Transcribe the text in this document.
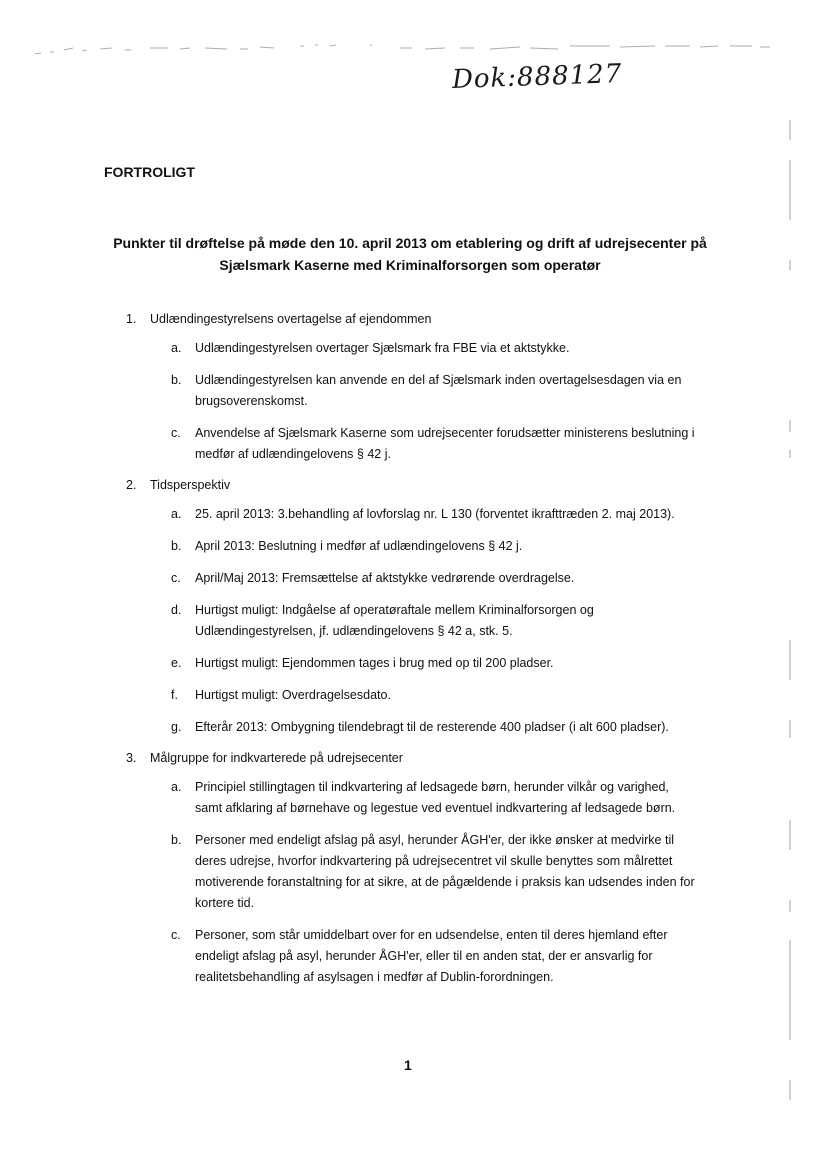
Dok:888127
FORTROLIGT
Punkter til drøftelse på møde den 10. april 2013 om etablering og drift af udrejsecenter på
Sjælsmark Kaserne med Kriminalforsorgen som operatør
1.	Udlændingestyrelsens overtagelse af ejendommen
a.	Udlændingestyrelsen overtager Sjælsmark fra FBE via et aktstykke.
b.	Udlændingestyrelsen kan anvende en del af Sjælsmark inden overtagelsesdagen via en brugsoverenskomst.
c.	Anvendelse af Sjælsmark Kaserne som udrejsecenter forudsætter ministerens beslutning i medfør af udlændingelovens § 42 j.
2.	Tidsperspektiv
a.	25. april 2013: 3.behandling af lovforslag nr. L 130 (forventet ikrafttræden 2. maj 2013).
b.	April 2013: Beslutning i medfør af udlændingelovens § 42 j.
c.	April/Maj 2013: Fremsættelse af aktstykke vedrørende overdragelse.
d.	Hurtigst muligt: Indgåelse af operatøraftale mellem Kriminalforsorgen og Udlændingestyrelsen, jf. udlændingelovens § 42 a, stk. 5.
e.	Hurtigst muligt: Ejendommen tages i brug med op til 200 pladser.
f.	Hurtigst muligt: Overdragelsesdato.
g.	Efterår 2013: Ombygning tilendebragt til de resterende 400 pladser (i alt 600 pladser).
3.	Målgruppe for indkvarterede på udrejsecenter
a.	Principiel stillingtagen til indkvartering af ledsagede børn, herunder vilkår og varighed, samt afklaring af børnehave og legestue ved eventuel indkvartering af ledsagede børn.
b.	Personer med endeligt afslag på asyl, herunder ÅGH'er, der ikke ønsker at medvirke til deres udrejse, hvorfor indkvartering på udrejsecentret vil skulle benyttes som målrettet motiverende foranstaltning for at sikre, at de pågældende i praksis kan udsendes inden for kortere tid.
c.	Personer, som står umiddelbart over for en udsendelse, enten til deres hjemland efter endeligt afslag på asyl, herunder ÅGH'er, eller til en anden stat, der er ansvarlig for realitetsbehandling af asylsagen i medfør af Dublin-forordningen.
1
